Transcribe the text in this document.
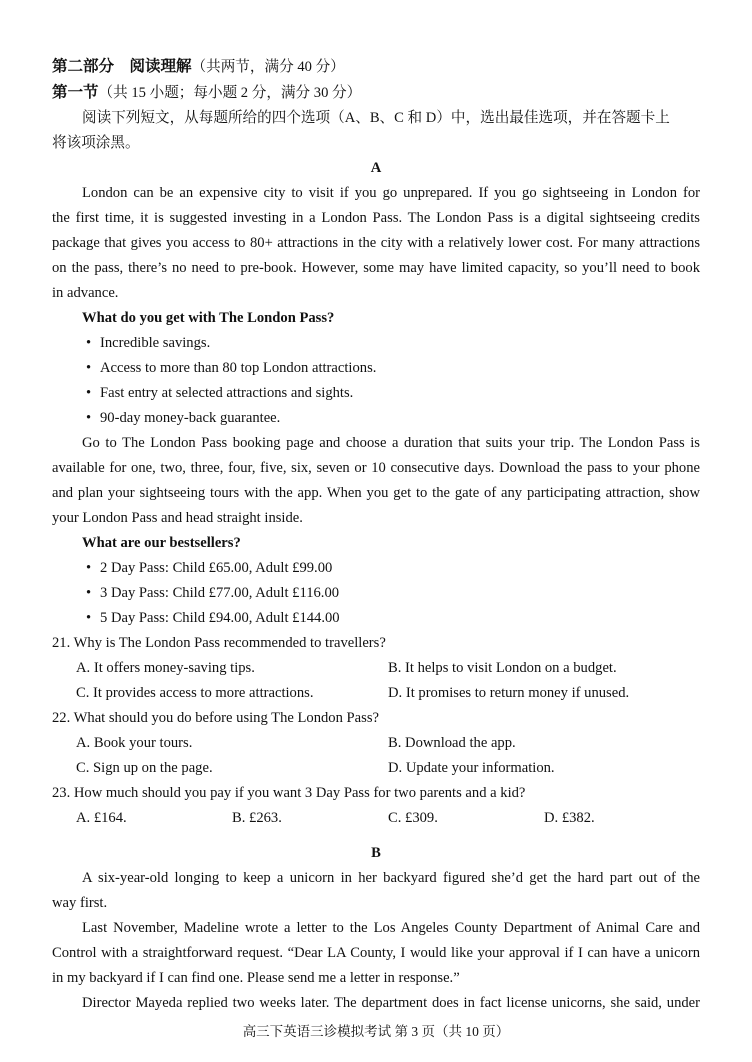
第二部分　阅读理解（共两节，满分 40 分）
第一节（共 15 小题；每小题 2 分，满分 30 分）
阅读下列短文，从每题所给的四个选项（A、B、C 和 D）中，选出最佳选项，并在答题卡上
将该项涂黑。
A
London can be an expensive city to visit if you go unprepared. If you go sightseeing in London for
the first time, it is suggested investing in a London Pass. The London Pass is a digital sightseeing credits
package that gives you access to 80+ attractions in the city with a relatively lower cost. For many attractions
on the pass, there’s no need to pre-book. However, some may have limited capacity, so you’ll need to book
in advance.
What do you get with The London Pass?
• Incredible savings.
• Access to more than 80 top London attractions.
• Fast entry at selected attractions and sights.
• 90-day money-back guarantee.
Go to The London Pass booking page and choose a duration that suits your trip. The London Pass is
available for one, two, three, four, five, six, seven or 10 consecutive days. Download the pass to your phone
and plan your sightseeing tours with the app. When you get to the gate of any participating attraction, show
your London Pass and head straight inside.
What are our bestsellers?
• 2 Day Pass: Child £65.00, Adult £99.00
• 3 Day Pass: Child £77.00, Adult £116.00
• 5 Day Pass: Child £94.00, Adult £144.00
21. Why is The London Pass recommended to travellers?
A. It offers money-saving tips.	B. It helps to visit London on a budget.
C. It provides access to more attractions.	D. It promises to return money if unused.
22. What should you do before using The London Pass?
A. Book your tours.	B. Download the app.
C. Sign up on the page.	D. Update your information.
23. How much should you pay if you want 3 Day Pass for two parents and a kid?
A. £164.	B. £263.	C. £309.	D. £382.
B
A six-year-old longing to keep a unicorn in her backyard figured she’d get the hard part out of the
way first.
Last November, Madeline wrote a letter to the Los Angeles County Department of Animal Care and
Control with a straightforward request. “Dear LA County, I would like your approval if I can have a unicorn
in my backyard if I can find one. Please send me a letter in response.”
Director Mayeda replied two weeks later. The department does in fact license unicorns, she said, under
高三下英语三诊模拟考试 第 3 页（共 10 页）
